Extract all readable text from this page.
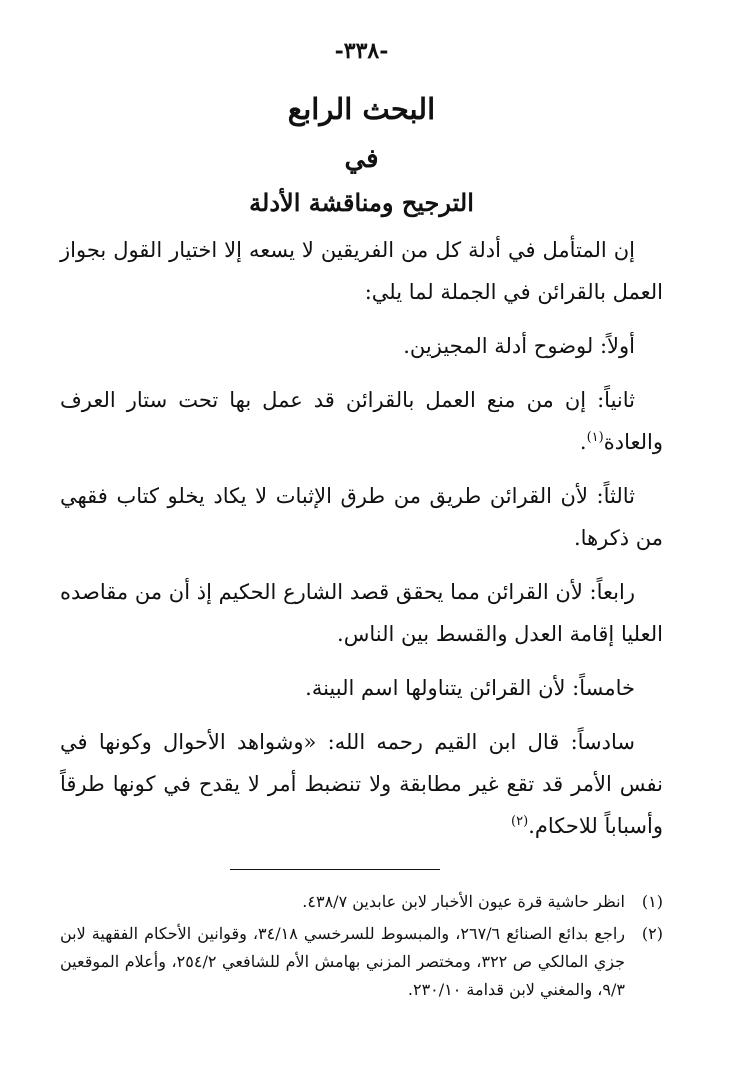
-٣٣٨-
البحث الرابع
في
الترجيح ومناقشة الأدلة

إن المتأمل في أدلة كل من الفريقين لا يسعه إلا اختيار القول بجواز العمل بالقرائن في الجملة لما يلي:

أولاً: لوضوح أدلة المجيزين.

ثانياً: إن من منع العمل بالقرائن قد عمل بها تحت ستار العرف والعادة$^{(١)}$.

ثالثاً: لأن القرائن طريق من طرق الإثبات لا يكاد يخلو كتاب فقهي من ذكرها.

رابعاً: لأن القرائن مما يحقق قصد الشارع الحكيم إذ أن من مقاصده العليا إقامة العدل والقسط بين الناس.

خامساً: لأن القرائن يتناولها اسم البينة.

سادساً: قال ابن القيم رحمه الله: «وشواهد الأحوال وكونها في نفس الأمر قد تقع غير مطابقة ولا تنضبط أمر لا يقدح في كونها طرقاً وأسباباً للاحكام.$^{(٢)}$

(١)
انظر حاشية قرة عيون الأخبار لابن عابدين ٤٣٨/٧.
(٢)
راجع بدائع الصنائع ٢٦٧/٦، والمبسوط للسرخسي ٣٤/١٨، وقوانين الأحكام الفقهية لابن جزي المالكي ص ٣٢٢، ومختصر المزني بهامش الأم للشافعي ٢٥٤/٢، وأعلام الموقعين ٩/٣، والمغني لابن قدامة ٢٣٠/١٠.
